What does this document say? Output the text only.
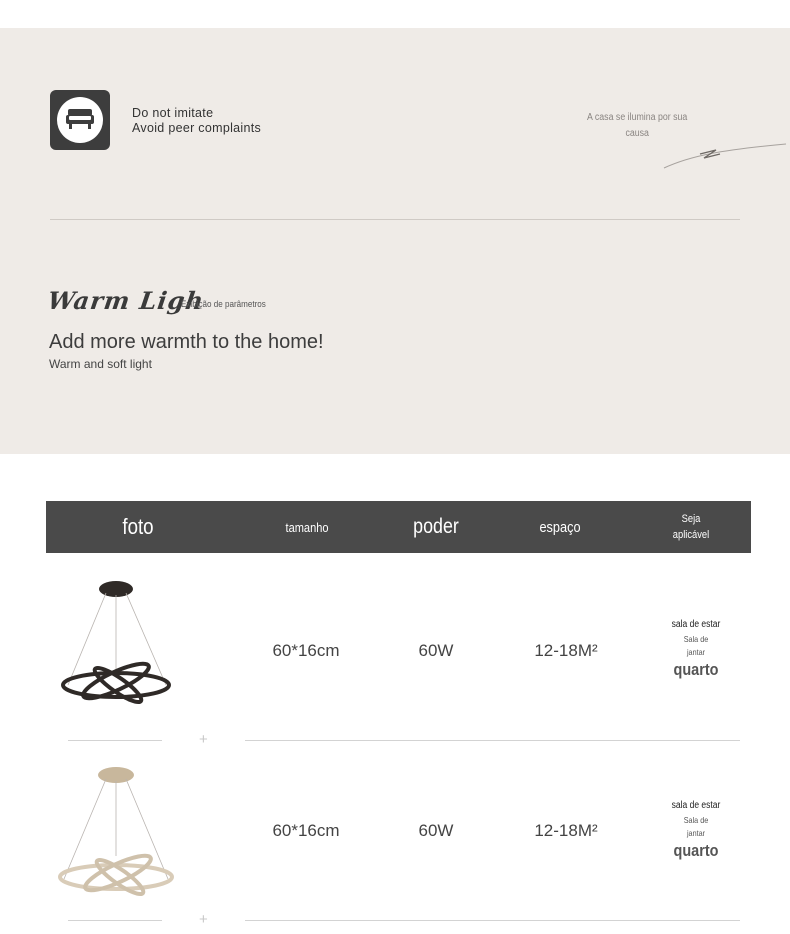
Do not imitate
Avoid peer complaints
A casa se ilumina por sua
causa
Warm Ligh
Exibição de parâmetros
Add more warmth to the home!
Warm and soft light
foto	tamanho	poder	espaço	Seja
aplicável
60*16cm	60W	12-18M²
sala de estar
Sala de
jantar
quarto
+
60*16cm	60W	12-18M²
sala de estar
Sala de
jantar
quarto
+
